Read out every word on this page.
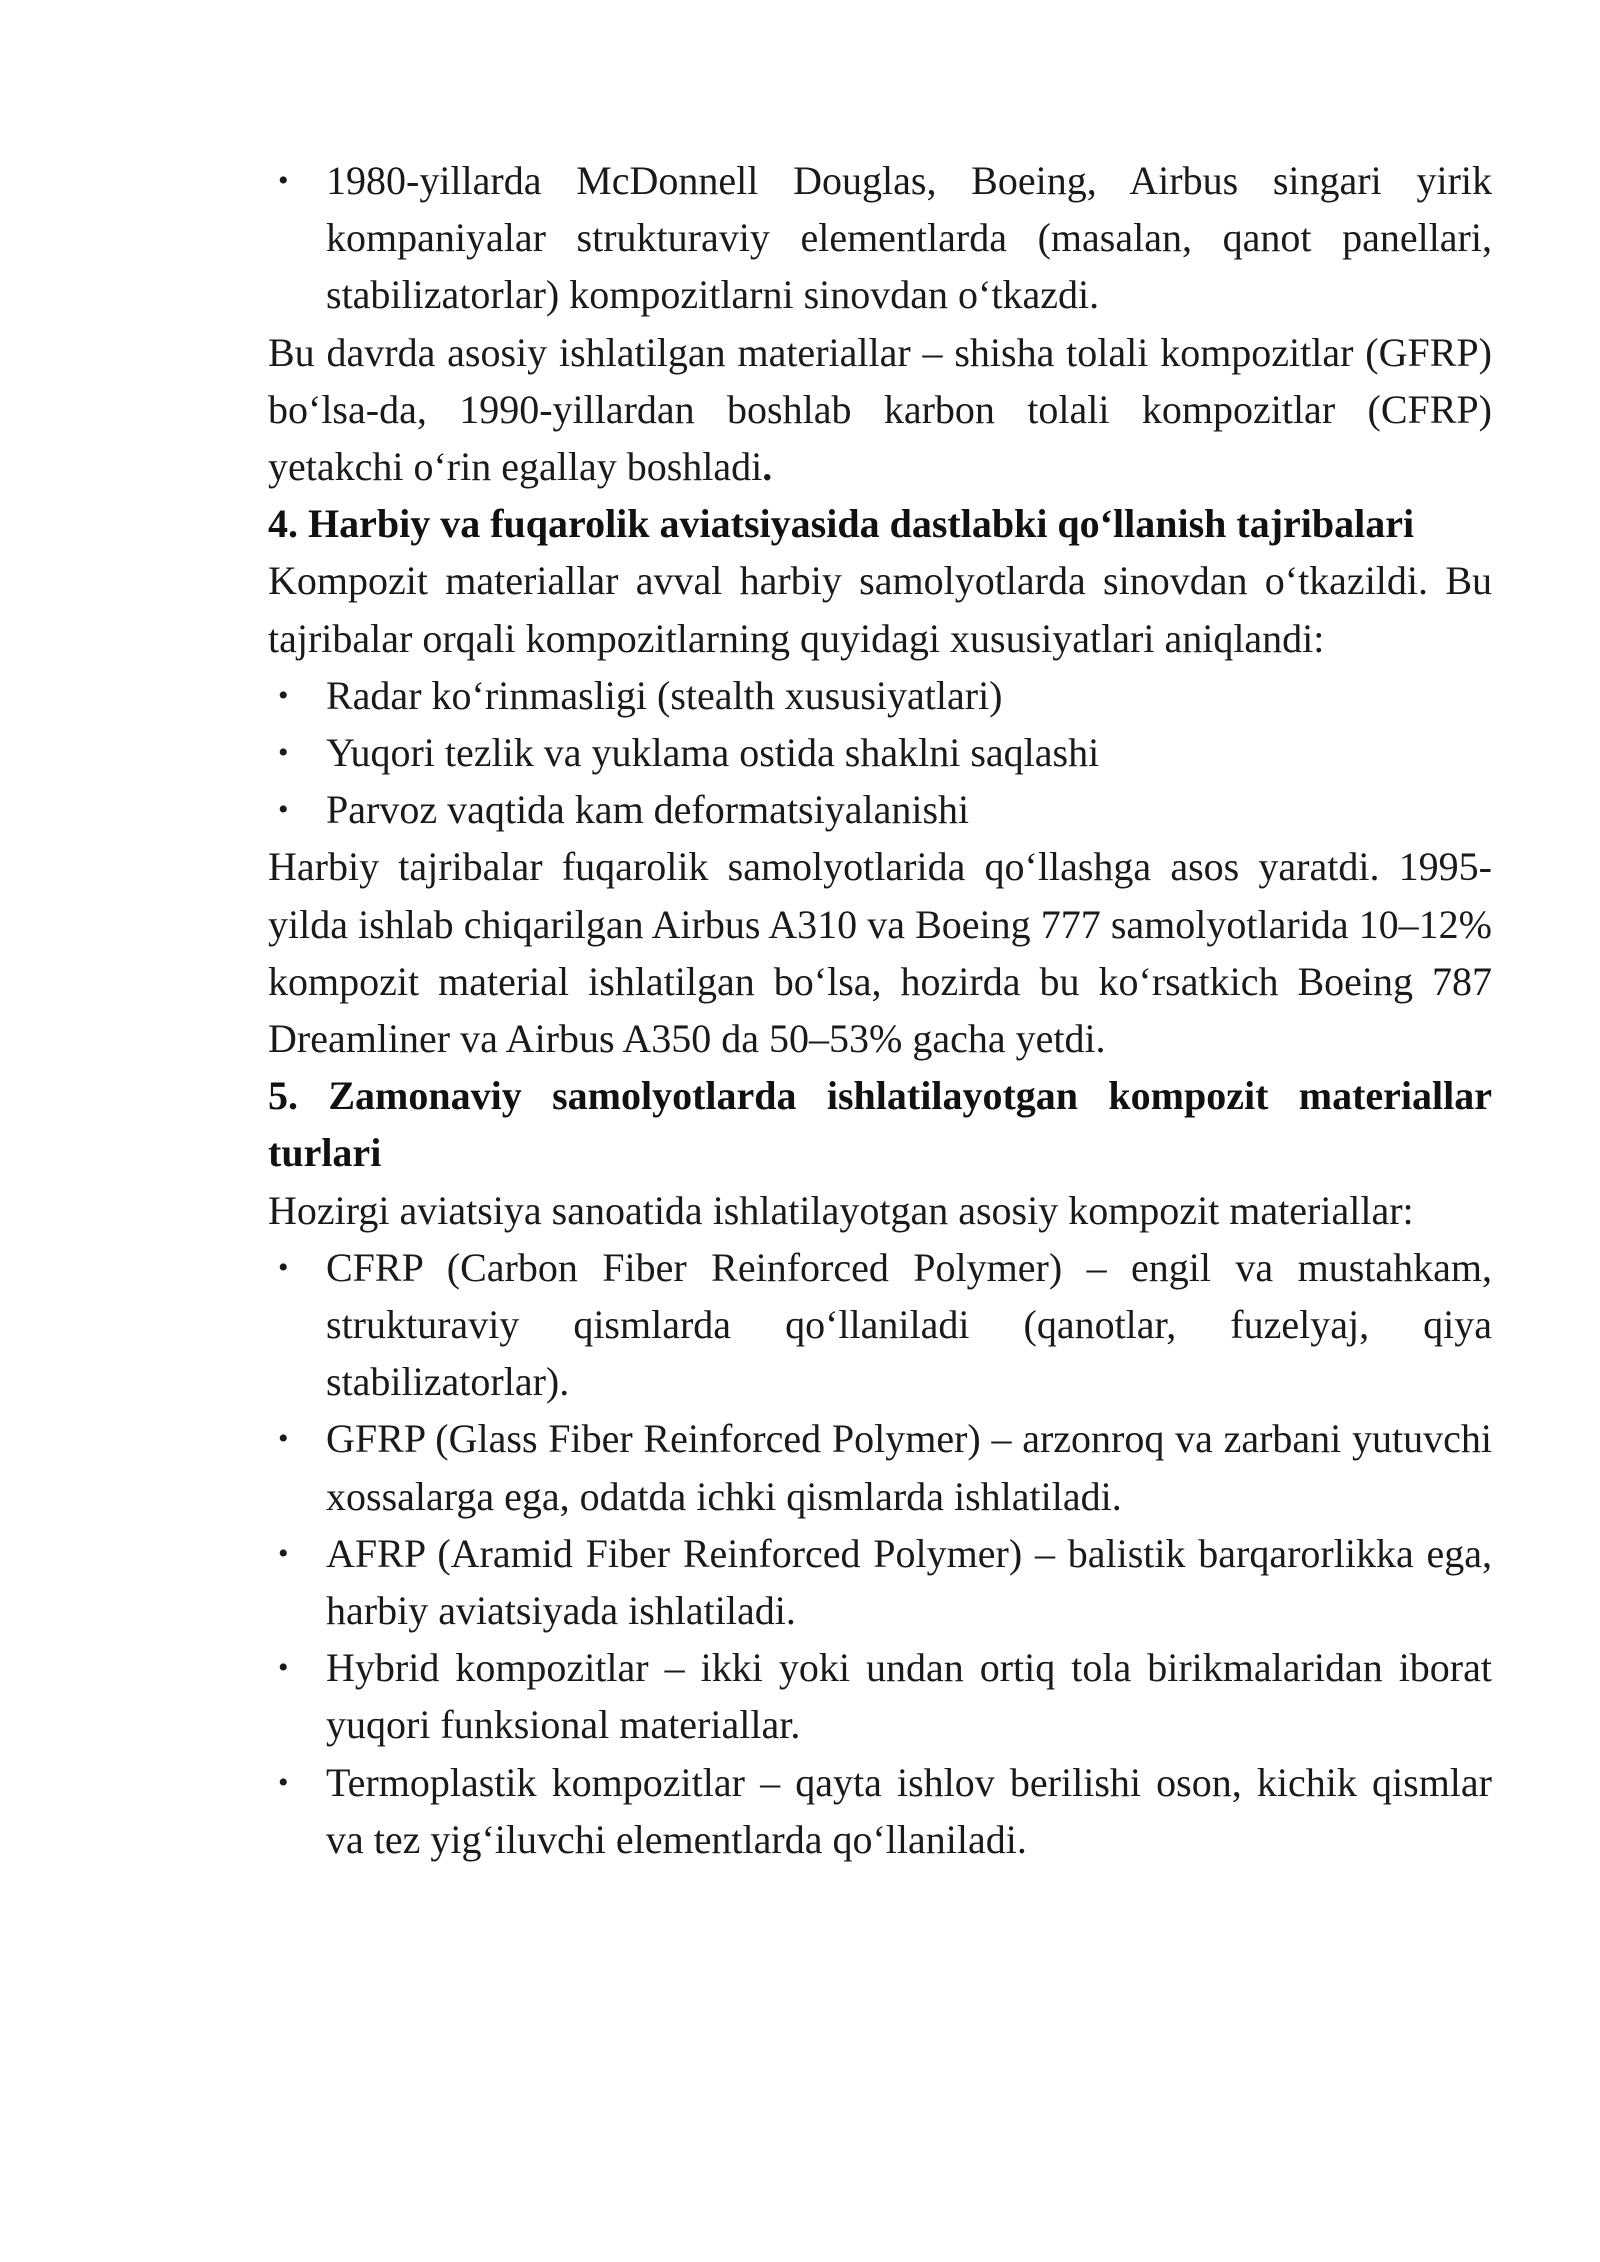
• 1980-yillarda McDonnell Douglas, Boeing, Airbus singari yirik kompaniyalar strukturaviy elementlarda (masalan, qanot panellari, stabilizatorlar) kompozitlarni sinovdan o‘tkazdi.

Bu davrda asosiy ishlatilgan materiallar – shisha tolali kompozitlar (GFRP) bo‘lsa-da, 1990-yillardan boshlab karbon tolali kompozitlar (CFRP) yetakchi o‘rin egallay boshladi.

4. Harbiy va fuqarolik aviatsiyasida dastlabki qo‘llanish tajribalari

Kompozit materiallar avval harbiy samolyotlarda sinovdan o‘tkazildi. Bu tajribalar orqali kompozitlarning quyidagi xususiyatlari aniqlandi:

• Radar ko‘rinmasligi (stealth xususiyatlari)
• Yuqori tezlik va yuklama ostida shaklni saqlashi
• Parvoz vaqtida kam deformatsiyalanishi

Harbiy tajribalar fuqarolik samolyotlarida qo‘llashga asos yaratdi. 1995-yilda ishlab chiqarilgan Airbus A310 va Boeing 777 samolyotlarida 10–12% kompozit material ishlatilgan bo‘lsa, hozirda bu ko‘rsatkich Boeing 787 Dreamliner va Airbus A350 da 50–53% gacha yetdi.

5. Zamonaviy samolyotlarda ishlatilayotgan kompozit materiallar turlari

Hozirgi aviatsiya sanoatida ishlatilayotgan asosiy kompozit materiallar:

• CFRP (Carbon Fiber Reinforced Polymer) – engil va mustahkam, strukturaviy qismlarda qo‘llaniladi (qanotlar, fuzelyaj, qiya stabilizatorlar).
• GFRP (Glass Fiber Reinforced Polymer) – arzonroq va zarbani yutuvchi xossalarga ega, odatda ichki qismlarda ishlatiladi.
• AFRP (Aramid Fiber Reinforced Polymer) – balistik barqarorlikka ega, harbiy aviatsiyada ishlatiladi.
• Hybrid kompozitlar – ikki yoki undan ortiq tola birikmalaridan iborat yuqori funksional materiallar.
• Termoplastik kompozitlar – qayta ishlov berilishi oson, kichik qismlar va tez yig‘iluvchi elementlarda qo‘llaniladi.
